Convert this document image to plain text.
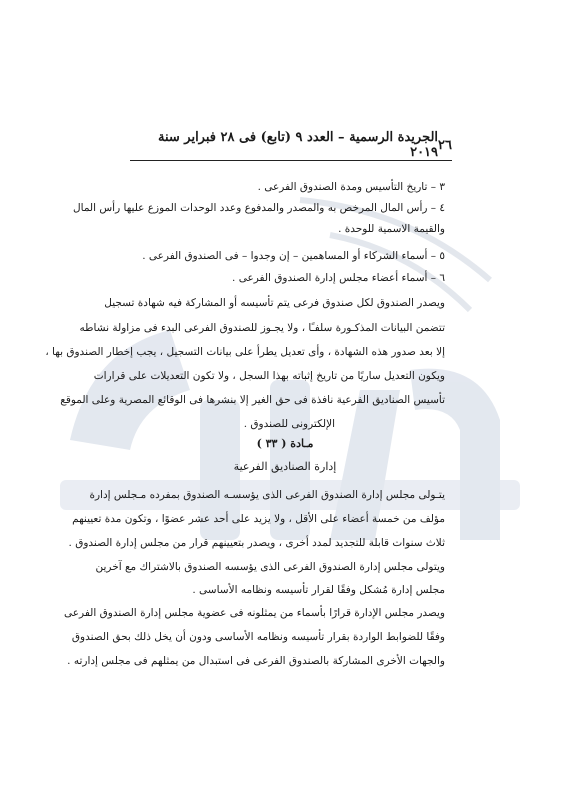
٢٦
الجريدة الرسمية – العدد ٩ (تابع) فى ٢٨ فبراير سنة ٢٠١٩
٣ – تاريخ التأسيس ومدة الصندوق الفرعى .
٤ – رأس المال المرخص به والمصدر والمدفوع وعدد الوحدات الموزع عليها رأس المال
والقيمة الاسمية للوحدة .
٥ – أسماء الشركاء أو المساهمين – إن وجدوا – فى الصندوق الفرعى .
٦ – أسماء أعضاء مجلس إدارة الصندوق الفرعى .
ويصدر الصندوق لكل صندوق فرعى يتم تأسيسه أو المشاركة فيه شهادة تسجيل
تتضمن البيانات المذكـورة سلفـًا ، ولا يجـوز للصندوق الفرعى البدء فى مزاولة نشاطه
إلا بعد صدور هذه الشهادة ، وأى تعديل يطرأ على بيانات التسجيل ، يجب إخطار الصندوق بها ،
ويكون التعديل ساريًا من تاريخ إثباته بهذا السجل ، ولا تكون التعديلات على قرارات
تأسيس الصناديق الفرعية نافذة فى حق الغير إلا بنشرها فى الوقائع المصرية وعلى الموقع
الإلكترونى للصندوق .
مـادة ( ٣٣ )
إدارة الصناديق الفرعية
يتـولى مجلس إدارة الصندوق الفرعى الذى يؤسسـه الصندوق بمفرده مـجلس إدارة
مؤلف من خمسة أعضاء على الأقل ، ولا يزيد على أحد عشر عضوًا ، وتكون مدة تعيينهم
ثلاث سنوات قابلة للتجديد لمدد أخرى ، ويصدر بتعيينهم قرار من مجلس إدارة الصندوق .
ويتولى مجلس إدارة الصندوق الفرعى الذى يؤسسه الصندوق بالاشتراك مع آخرين
مجلس إدارة مُشكل وفقًا لقرار تأسيسه ونظامه الأساسى .
ويصدر مجلس الإدارة قرارًا بأسماء من يمثلونه فى عضوية مجلس إدارة الصندوق الفرعى
وفقًا للضوابط الواردة بقرار تأسيسه ونظامه الأساسى ودون أن يخل ذلك بحق الصندوق
والجهات الأخرى المشاركة بالصندوق الفرعى فى استبدال من يمثلهم فى مجلس إدارته .
